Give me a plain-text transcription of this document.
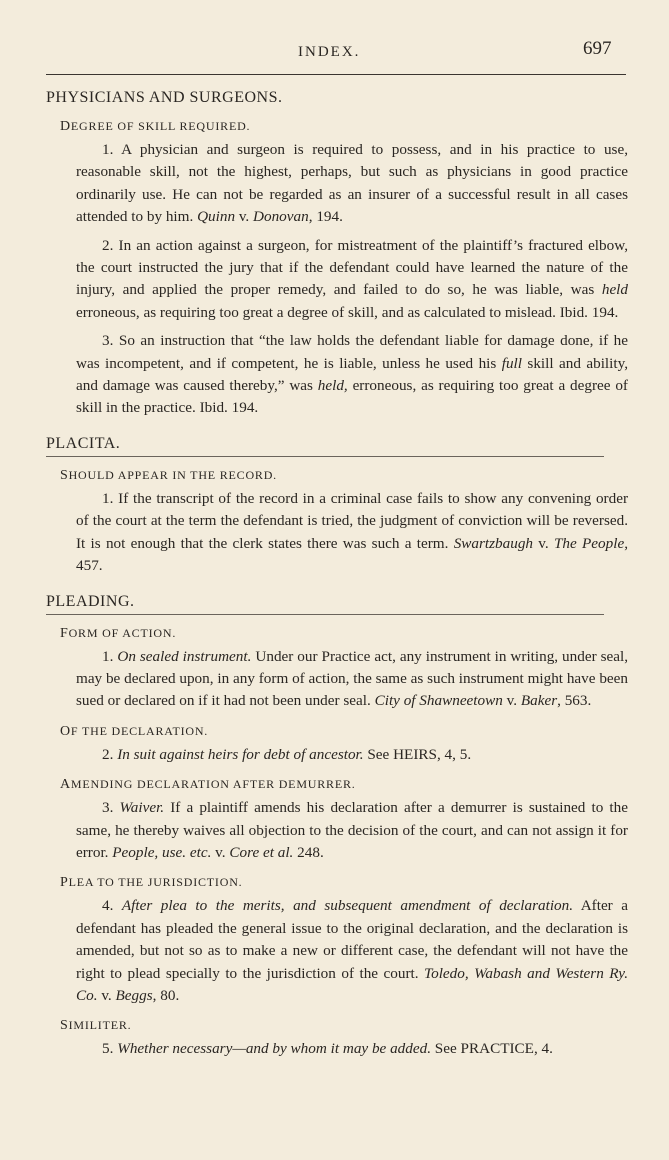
INDEX.	697
PHYSICIANS AND SURGEONS.
DEGREE OF SKILL REQUIRED.
1. A physician and surgeon is required to possess, and in his practice to use, reasonable skill, not the highest, perhaps, but such as physicians in good practice ordinarily use. He can not be regarded as an insurer of a successful result in all cases attended to by him. Quinn v. Donovan, 194.
2. In an action against a surgeon, for mistreatment of the plaintiff’s fractured elbow, the court instructed the jury that if the defendant could have learned the nature of the injury, and applied the proper remedy, and failed to do so, he was liable, was held erroneous, as requiring too great a degree of skill, and as calculated to mislead. Ibid. 194.
3. So an instruction that “the law holds the defendant liable for damage done, if he was incompetent, and if competent, he is liable, unless he used his full skill and ability, and damage was caused thereby,” was held, erroneous, as requiring too great a degree of skill in the practice. Ibid. 194.
PLACITA.
SHOULD APPEAR IN THE RECORD.
1. If the transcript of the record in a criminal case fails to show any convening order of the court at the term the defendant is tried, the judgment of conviction will be reversed. It is not enough that the clerk states there was such a term. Swartzbaugh v. The People, 457.
PLEADING.
FORM OF ACTION.
1. On sealed instrument. Under our Practice act, any instrument in writing, under seal, may be declared upon, in any form of action, the same as such instrument might have been sued or declared on if it had not been under seal. City of Shawneetown v. Baker, 563.
OF THE DECLARATION.
2. In suit against heirs for debt of ancestor. See HEIRS, 4, 5.
AMENDING DECLARATION AFTER DEMURRER.
3. Waiver. If a plaintiff amends his declaration after a demurrer is sustained to the same, he thereby waives all objection to the decision of the court, and can not assign it for error. People, use. etc. v. Core et al. 248.
PLEA TO THE JURISDICTION.
4. After plea to the merits, and subsequent amendment of declaration. After a defendant has pleaded the general issue to the original declaration, and the declaration is amended, but not so as to make a new or different case, the defendant will not have the right to plead specially to the jurisdiction of the court. Toledo, Wabash and Western Ry. Co. v. Beggs, 80.
SIMILITER.
5. Whether necessary—and by whom it may be added. See PRACTICE, 4.
